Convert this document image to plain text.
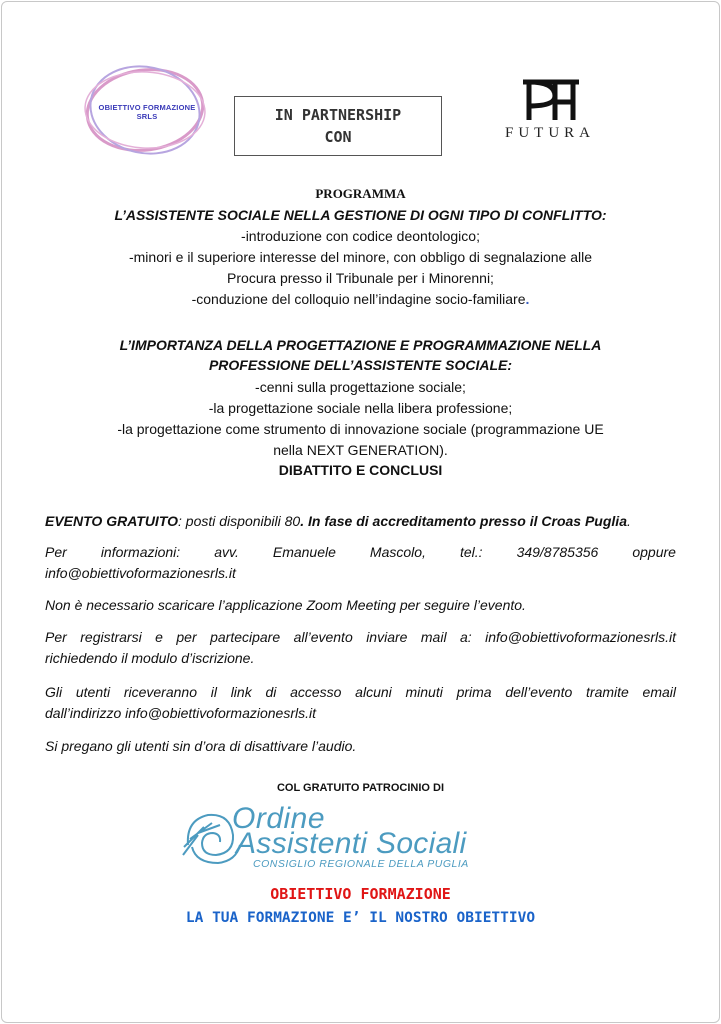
OBIETTIVO FORMAZIONE SRLS	IN PARTNERSHIP
CON	FUTURA
PROGRAMMA
L’ASSISTENTE SOCIALE NELLA GESTIONE DI OGNI TIPO DI CONFLITTO:
-introduzione con codice deontologico;
-minori e il superiore interesse del minore, con obbligo di segnalazione alle
Procura presso il Tribunale per i Minorenni;
-conduzione del colloquio nell’indagine socio-familiare.
L’IMPORTANZA DELLA PROGETTAZIONE E PROGRAMMAZIONE NELLA
PROFESSIONE DELL’ASSISTENTE SOCIALE:
-cenni sulla progettazione sociale;
-la progettazione sociale nella libera professione;
-la progettazione come strumento di innovazione sociale (programmazione UE
nella NEXT GENERATION).
DIBATTITO E CONCLUSI
EVENTO GRATUITO: posti disponibili 80. In fase di accreditamento presso il Croas Puglia.
Per informazioni: avv. Emanuele Mascolo, tel.: 349/8785356 oppure
info@obiettivoformazionesrls.it
Non è necessario scaricare l’applicazione Zoom Meeting per seguire l’evento.
Per registrarsi e per partecipare all’evento inviare mail a: info@obiettivoformazionesrls.it
richiedendo il modulo d’iscrizione.
Gli utenti riceveranno il link di accesso alcuni minuti prima dell’evento tramite email
dall’indirizzo info@obiettivoformazionesrls.it
Si pregano gli utenti sin d’ora di disattivare l’audio.
COL GRATUITO PATROCINIO DI
Ordine
Assistenti Sociali
CONSIGLIO REGIONALE DELLA PUGLIA
OBIETTIVO FORMAZIONE
LA TUA FORMAZIONE E’ IL NOSTRO OBIETTIVO
